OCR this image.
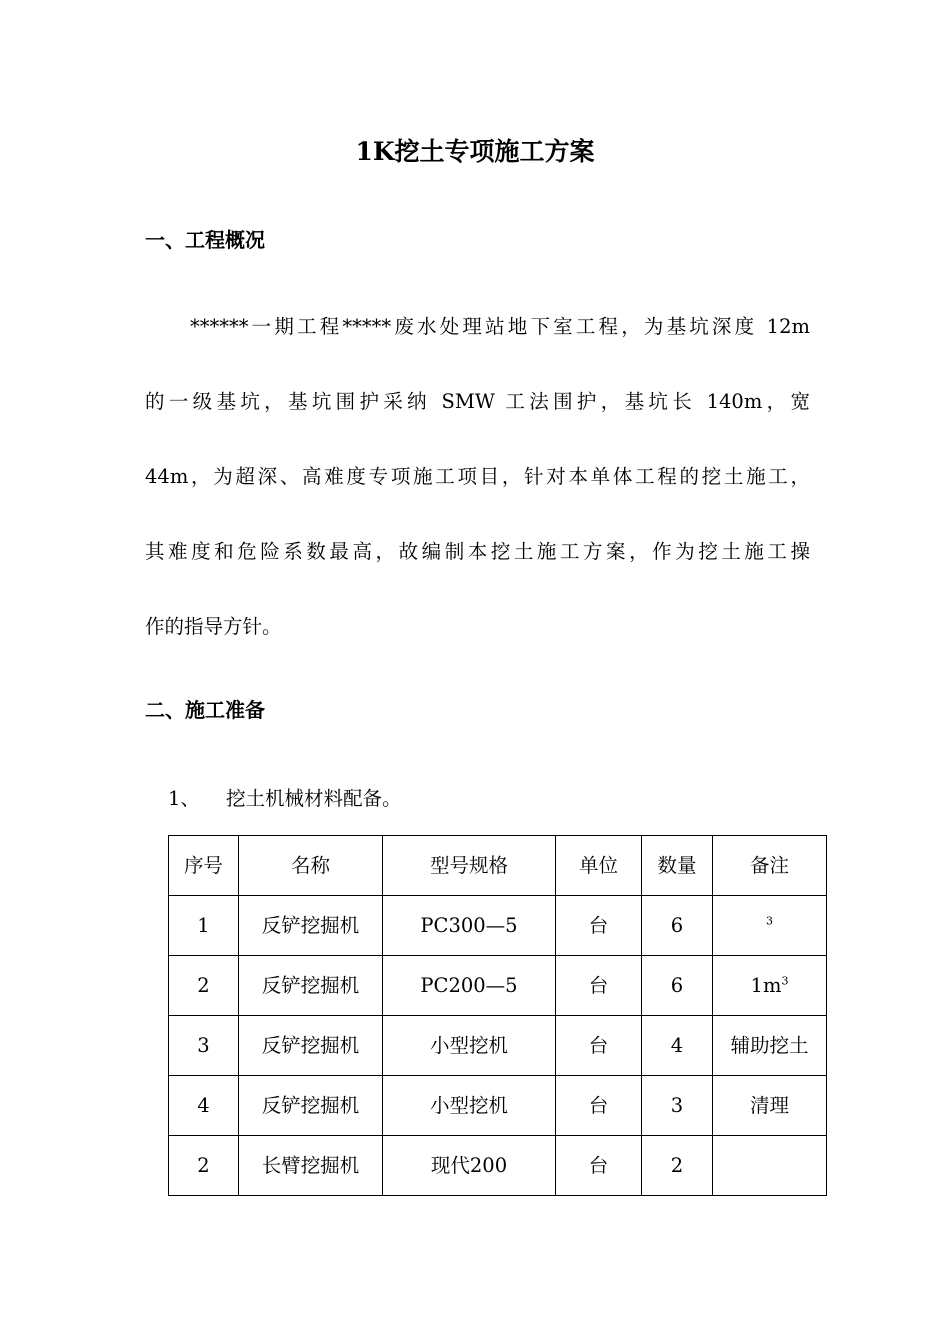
1K挖土专项施工方案
一、工程概况
******一期工程*****废水处理站地下室工程，为基坑深度 12m
的一级基坑，基坑围护采纳 SMW 工法围护，基坑长 140m，宽
44m，为超深、高难度专项施工项目，针对本单体工程的挖土施工，
其难度和危险系数最高，故编制本挖土施工方案，作为挖土施工操
作的指导方针。
二、施工准备
1、 挖土机械材料配备。
序号	名称	型号规格	单位	数量	备注
1	反铲挖掘机	PC300—5	台	6	$^3$
2	反铲挖掘机	PC200—5	台	6	$1m^3$
3	反铲挖掘机	小型挖机	台	4	辅助挖土
4	反铲挖掘机	小型挖机	台	3	清理
2	长臂挖掘机	现代200	台	2	
